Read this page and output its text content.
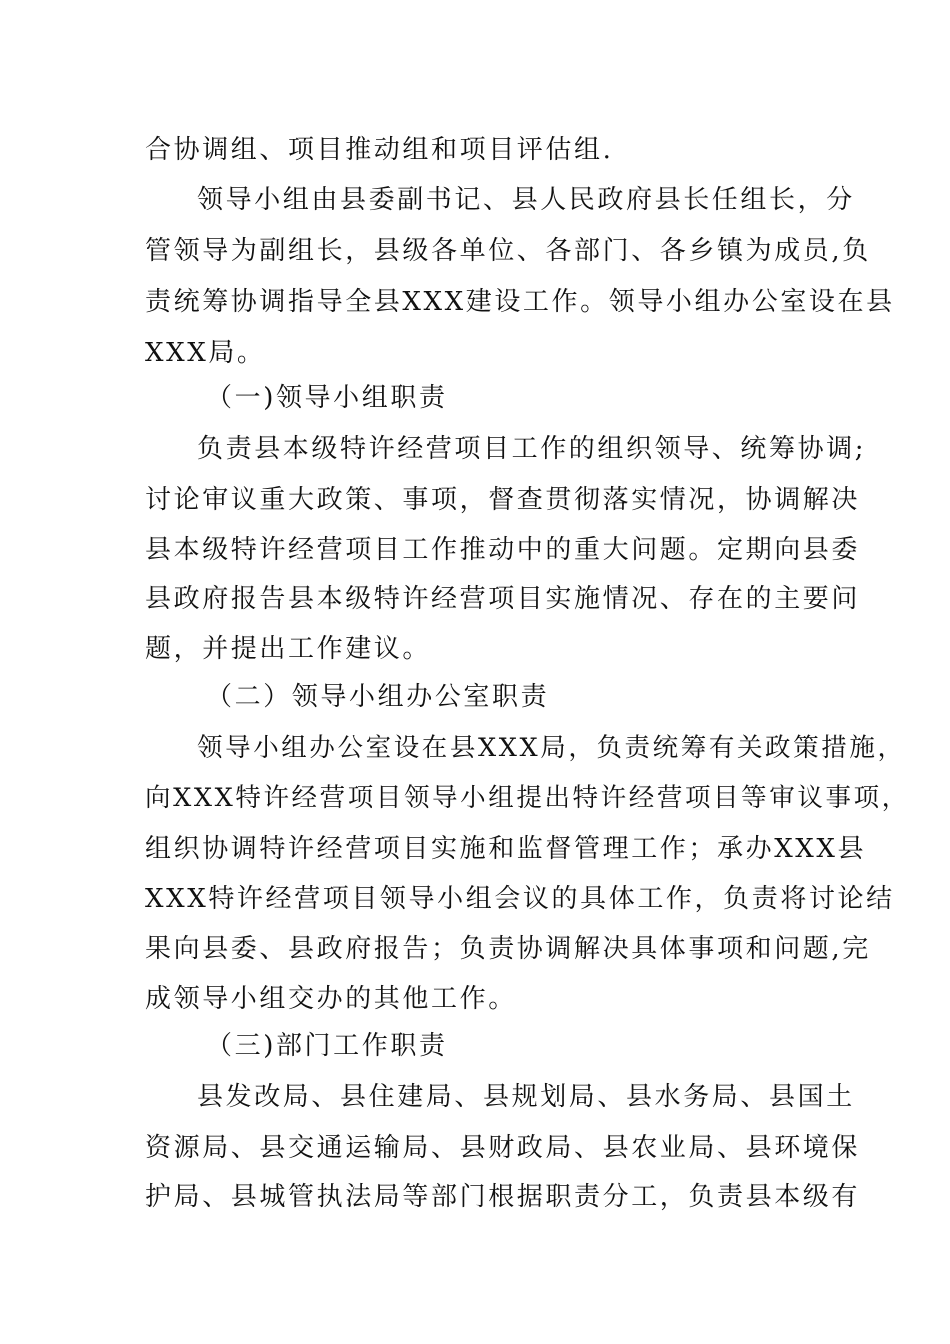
合协调组、项目推动组和项目评估组.
领导小组由县委副书记、县人民政府县长任组长，分
管领导为副组长，县级各单位、各部门、各乡镇为成员,负
责统筹协调指导全县XXX建设工作。领导小组办公室设在县
XXX局。
（一)领导小组职责
负责县本级特许经营项目工作的组织领导、统筹协调;
讨论审议重大政策、事项，督查贯彻落实情况，协调解决
县本级特许经营项目工作推动中的重大问题。定期向县委
县政府报告县本级特许经营项目实施情况、存在的主要问
题，并提出工作建议。
（二）领导小组办公室职责
领导小组办公室设在县XXX局，负责统筹有关政策措施，
向XXX特许经营项目领导小组提出特许经营项目等审议事项，
组织协调特许经营项目实施和监督管理工作；承办XXX县
XXX特许经营项目领导小组会议的具体工作，负责将讨论结
果向县委、县政府报告；负责协调解决具体事项和问题,完
成领导小组交办的其他工作。
（三)部门工作职责
县发改局、县住建局、县规划局、县水务局、县国土
资源局、县交通运输局、县财政局、县农业局、县环境保
护局、县城管执法局等部门根据职责分工，负责县本级有
